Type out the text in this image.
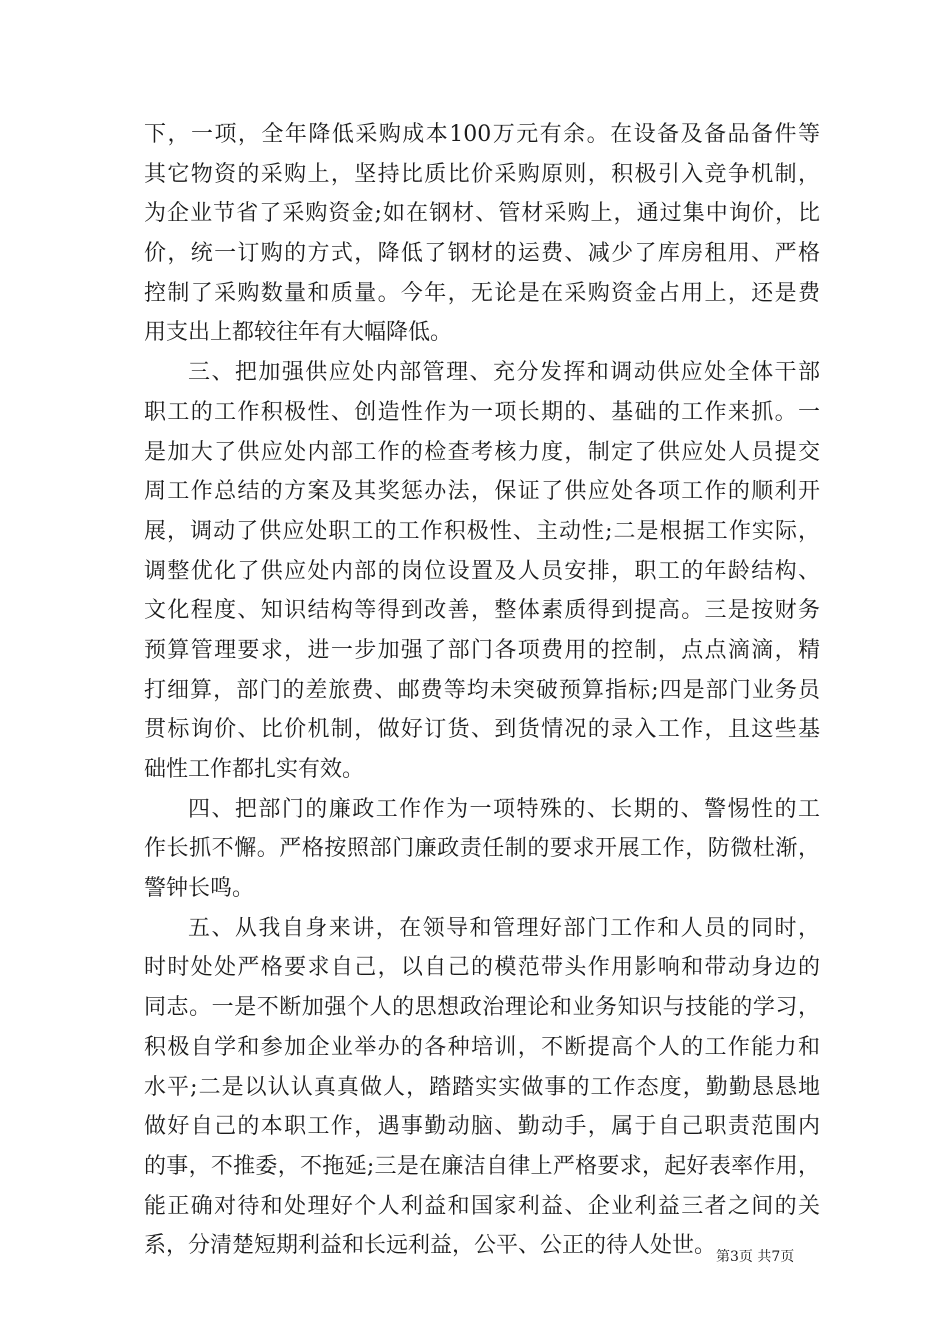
下，一项，全年降低采购成本100万元有余。在设备及备品备件等
其它物资的采购上，坚持比质比价采购原则，积极引入竞争机制，
为企业节省了采购资金;如在钢材、管材采购上，通过集中询价，比
价，统一订购的方式，降低了钢材的运费、减少了库房租用、严格
控制了采购数量和质量。今年，无论是在采购资金占用上，还是费
用支出上都较往年有大幅降低。
三、把加强供应处内部管理、充分发挥和调动供应处全体干部
职工的工作积极性、创造性作为一项长期的、基础的工作来抓。一
是加大了供应处内部工作的检查考核力度，制定了供应处人员提交
周工作总结的方案及其奖惩办法，保证了供应处各项工作的顺利开
展，调动了供应处职工的工作积极性、主动性;二是根据工作实际，
调整优化了供应处内部的岗位设置及人员安排，职工的年龄结构、
文化程度、知识结构等得到改善，整体素质得到提高。三是按财务
预算管理要求，进一步加强了部门各项费用的控制，点点滴滴，精
打细算，部门的差旅费、邮费等均未突破预算指标;四是部门业务员
贯标询价、比价机制，做好订货、到货情况的录入工作，且这些基
础性工作都扎实有效。
四、把部门的廉政工作作为一项特殊的、长期的、警惕性的工
作长抓不懈。严格按照部门廉政责任制的要求开展工作，防微杜渐，
警钟长鸣。
五、从我自身来讲，在领导和管理好部门工作和人员的同时，
时时处处严格要求自己，以自己的模范带头作用影响和带动身边的
同志。一是不断加强个人的思想政治理论和业务知识与技能的学习，
积极自学和参加企业举办的各种培训，不断提高个人的工作能力和
水平;二是以认认真真做人，踏踏实实做事的工作态度，勤勤恳恳地
做好自己的本职工作，遇事勤动脑、勤动手，属于自己职责范围内
的事，不推委，不拖延;三是在廉洁自律上严格要求，起好表率作用，
能正确对待和处理好个人利益和国家利益、企业利益三者之间的关
系，分清楚短期利益和长远利益，公平、公正的待人处世。 第3页 共7页
